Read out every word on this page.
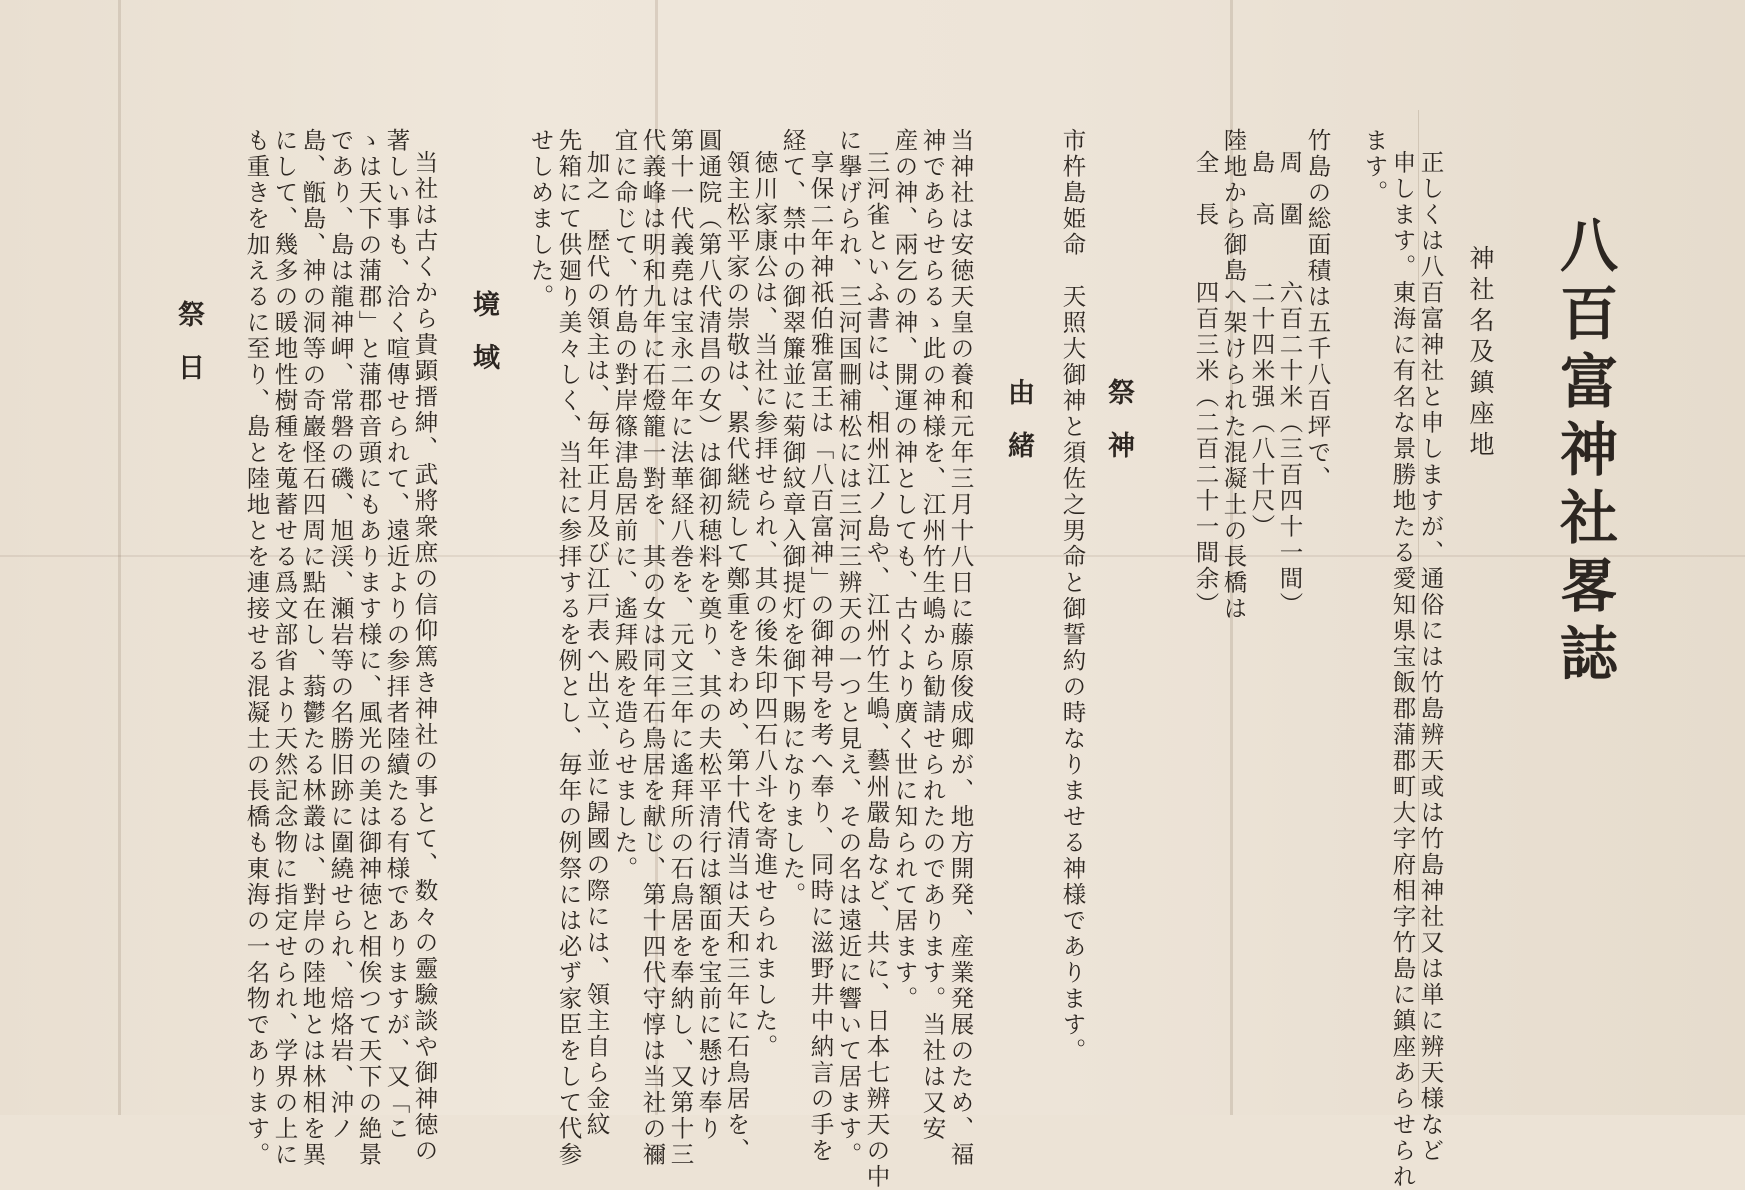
八百富神社畧誌
神社名及鎮座地
正しくは八百富神社と申しますが、通俗には竹島辨天或は竹島神社又は単に辨天様など
申します。東海に有名な景勝地たる愛知県宝飯郡蒲郡町大字府相字竹島に鎮座あらせられ
ます。
竹島の総面積は五千八百坪で、
周　圍　　六百二十米（三百四十一間）
島　高　　二十四米强（八十尺）
陸地から御島へ架けられた混凝土の長橋は
全　長　　四百三米（二百二十一間余）
祭神
市杵島姫命　天照大御神と須佐之男命と御誓約の時なりませる神様であります。
由緒
当神社は安徳天皇の養和元年三月十八日に藤原俊成卿が、地方開発、産業発展のため、福
神であらせらるゝ此の神様を、江州竹生嶋から勧請せられたのであります。当社は又安
産の神、兩乞の神、開運の神としても、古くより廣く世に知られて居ます。
三河雀といふ書には、相州江ノ島や、江州竹生嶋、藝州嚴島など、共に、日本七辨天の中
に擧げられ、三河国刪補松には三河三辨天の一つと見え、その名は遠近に響いて居ます。
享保二年神祇伯雅富王は「八百富神」の御神号を考へ奉り、同時に滋野井中納言の手を
経て、禁中の御翠簾並に菊御紋章入御提灯を御下賜になりました。
徳川家康公は、当社に参拝せられ、其の後朱印四石八斗を寄進せられました。
領主松平家の崇敬は、累代継続して鄭重をきわめ、第十代清当は天和三年に石鳥居を、
圓通院（第八代清昌の女）は御初穂料を奠り、其の夫松平清行は額面を宝前に懸け奉り
第十一代義堯は宝永二年に法華経八巻を、元文三年に遙拜所の石鳥居を奉納し、又第十三
代義峰は明和九年に石燈籠一對を、其の女は同年石鳥居を献じ、第十四代守惇は当社の禰
宜に命じて、竹島の對岸篠津島居前に、遙拜殿を造らせました。
加之　歴代の領主は、毎年正月及び江戸表へ出立、並に歸國の際には、領主自ら金紋
先箱にて供廻り美々しく、当社に参拝するを例とし、毎年の例祭には必ず家臣をして代参
せしめました。
境域
当社は古くから貴顕搢紳、武將衆庶の信仰篤き神社の事とて、数々の靈驗談や御神徳の
著しい事も、洽く喧傳せられて、遠近よりの参拝者陸續たる有様でありますが、又「こ
ゝは天下の蒲郡」と蒲郡音頭にもあります様に、風光の美は御神徳と相俟つて天下の絶景
であり、島は龍神岬、常磐の磯、旭渓、瀬岩等の名勝旧跡に圍繞せられ、焙烙岩、沖ノ
島、甑島、神の洞等の奇巖怪石四周に點在し、蓊鬱たる林叢は、對岸の陸地とは林相を異
にして、幾多の暖地性樹種を蒐蓄せる爲文部省より天然記念物に指定せられ、学界の上に
も重きを加えるに至り、島と陸地とを連接せる混凝土の長橋も東海の一名物であります。
祭日
